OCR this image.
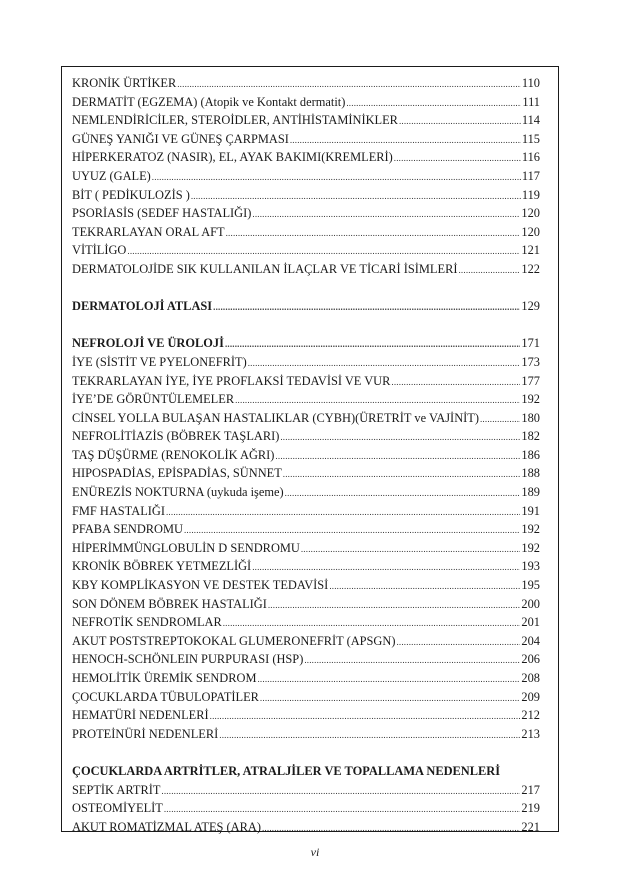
KRONİK ÜRTİKER .....	110
DERMATİT (EGZEMA) (Atopik ve Kontakt dermatit) .....	111
NEMLENDİRİCİLER, STEROİDLER, ANTİHİSTAMİNİKLER .....	114
GÜNEŞ YANIĞI VE GÜNEŞ ÇARPMASI .....	115
HİPERKERATOZ (NASIR), EL, AYAK BAKIMI(KREMLERİ) .....	116
UYUZ (GALE) .....	117
BİT ( PEDİKULOZİS ) .....	119
PSORİASİS (SEDEF HASTALIĞI) .....	120
TEKRARLAYAN ORAL AFT .....	120
VİTİLİGO .....	121
DERMATOLOJİDE SIK KULLANILAN İLAÇLAR VE TİCARİ İSİMLERİ .....	122
DERMATOLOJİ ATLASI .....	129
NEFROLOJİ VE ÜROLOJİ .....	171
İYE (SİSTİT VE PYELONEFRİT) .....	173
TEKRARLAYAN İYE, İYE PROFLAKSİ TEDAVİSİ VE VUR .....	177
İYE’DE GÖRÜNTÜLEMELER .....	192
CİNSEL YOLLA BULAŞAN HASTALIKLAR (CYBH)(ÜRETRİT ve VAJİNİT) .....	180
NEFROLİTİAZİS (BÖBREK TAŞLARI) .....	182
TAŞ DÜŞÜRME (RENOKOLİK AĞRI) .....	186
HIPOSPADİAS, EPİSPADİAS, SÜNNET .....	188
ENÜREZİS NOKTURNA (uykuda işeme) .....	189
FMF HASTALIĞI .....	191
PFABA SENDROMU .....	192
HİPERİMMÜNGLOBULİN D SENDROMU .....	192
KRONİK BÖBREK YETMEZLİĞİ .....	193
KBY KOMPLİKASYON VE DESTEK TEDAVİSİ .....	195
SON DÖNEM BÖBREK HASTALIĞI .....	200
NEFROTİK SENDROMLAR .....	201
AKUT POSTSTREPTOKOKAL GLUMERONEFRİT (APSGN) .....	204
HENOCH-SCHÖNLEIN PURPURASI (HSP) .....	206
HEMOLİTİK ÜREMİK SENDROM .....	208
ÇOCUKLARDA TÜBULOPATİLER .....	209
HEMATÜRİ NEDENLERİ .....	212
PROTEİNÜRİ NEDENLERİ .....	213
ÇOCUKLARDA ARTRİTLER, ATRALJİLER VE TOPALLAMA NEDENLERİ
SEPTİK ARTRİT .....	217
OSTEOMİYELİT .....	219
AKUT ROMATİZMAL ATEŞ (ARA) .....	221
vi
